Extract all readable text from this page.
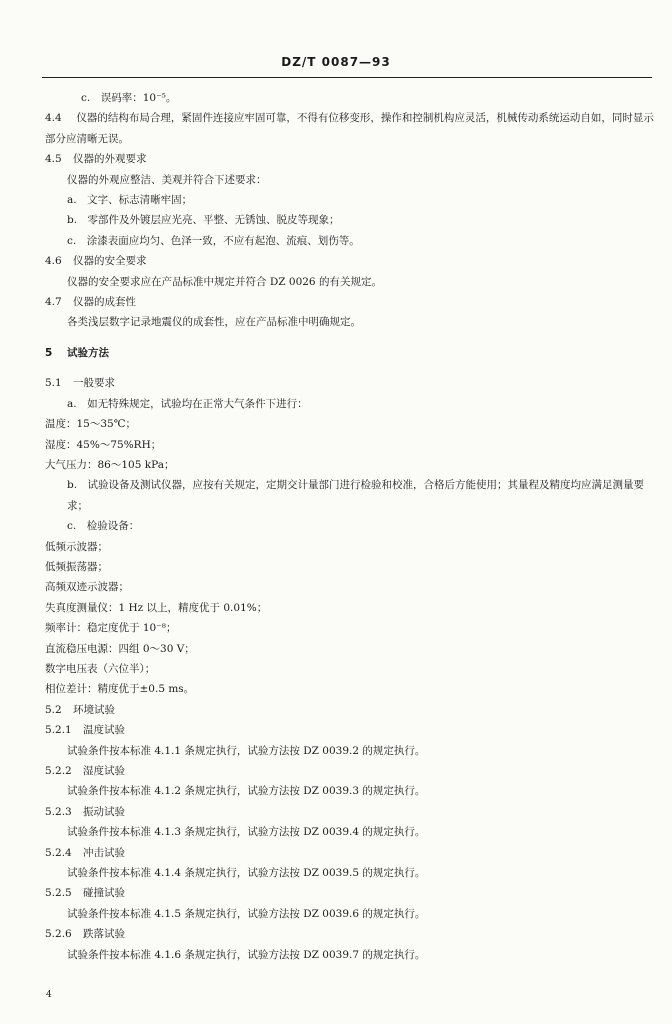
DZ/T 0087—93
c.　误码率：10⁻⁵。
4.4 仪器的结构布局合理，紧固件连接应牢固可靠，不得有位移变形，操作和控制机构应灵活，机械传动系统运动自如，同时显示部分应清晰无误。
4.5 仪器的外观要求
仪器的外观应整洁、美观并符合下述要求：
a.　文字、标志清晰牢固；
b.　零部件及外镀层应光亮、平整、无锈蚀、脱皮等现象；
c.　涂漆表面应均匀、色泽一致，不应有起泡、流痕、划伤等。
4.6 仪器的安全要求
仪器的安全要求应在产品标准中规定并符合 DZ 0026 的有关规定。
4.7 仪器的成套性
各类浅层数字记录地震仪的成套性，应在产品标准中明确规定。
5 试验方法
5.1 一般要求
a.　如无特殊规定，试验均在正常大气条件下进行：
温度：15～35℃；
湿度：45%～75%RH；
大气压力：86～105 kPa；
b.　试验设备及测试仪器，应按有关规定，定期交计量部门进行检验和校准，合格后方能使用；其量程及精度均应满足测量要求；
c.　检验设备：
低频示波器；
低频振荡器；
高频双迹示波器；
失真度测量仪：1 Hz 以上，精度优于 0.01%；
频率计：稳定度优于 10⁻⁸；
直流稳压电源：四组 0～30 V；
数字电压表（六位半）；
相位差计：精度优于±0.5 ms。
5.2 环境试验
5.2.1 温度试验
试验条件按本标准 4.1.1 条规定执行，试验方法按 DZ 0039.2 的规定执行。
5.2.2 湿度试验
试验条件按本标准 4.1.2 条规定执行，试验方法按 DZ 0039.3 的规定执行。
5.2.3 振动试验
试验条件按本标准 4.1.3 条规定执行，试验方法按 DZ 0039.4 的规定执行。
5.2.4 冲击试验
试验条件按本标准 4.1.4 条规定执行，试验方法按 DZ 0039.5 的规定执行。
5.2.5 碰撞试验
试验条件按本标准 4.1.5 条规定执行，试验方法按 DZ 0039.6 的规定执行。
5.2.6 跌落试验
试验条件按本标准 4.1.6 条规定执行，试验方法按 DZ 0039.7 的规定执行。
4
